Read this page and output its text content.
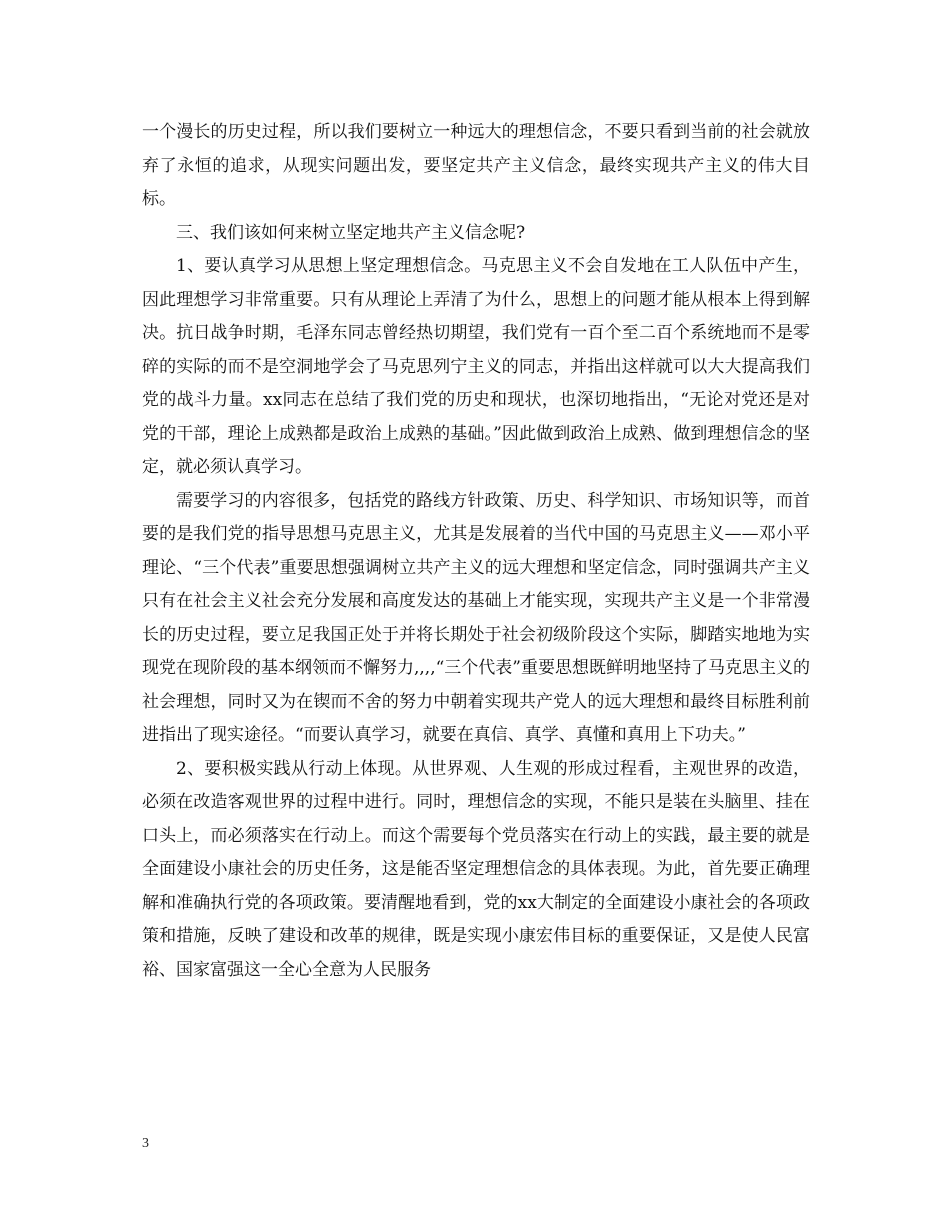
一个漫长的历史过程，所以我们要树立一种远大的理想信念，不要只看到当前的社会就放弃了永恒的追求，从现实问题出发，要坚定共产主义信念，最终实现共产主义的伟大目标。

三、我们该如何来树立坚定地共产主义信念呢?

1、要认真学习从思想上坚定理想信念。马克思主义不会自发地在工人队伍中产生，因此理想学习非常重要。只有从理论上弄清了为什么，思想上的问题才能从根本上得到解决。抗日战争时期，毛泽东同志曾经热切期望，我们党有一百个至二百个系统地而不是零碎的实际的而不是空洞地学会了马克思列宁主义的同志，并指出这样就可以大大提高我们党的战斗力量。xx同志在总结了我们党的历史和现状，也深切地指出，“无论对党还是对党的干部，理论上成熟都是政治上成熟的基础。”因此做到政治上成熟、做到理想信念的坚定，就必须认真学习。

需要学习的内容很多，包括党的路线方针政策、历史、科学知识、市场知识等，而首要的是我们党的指导思想马克思主义，尤其是发展着的当代中国的马克思主义——邓小平理论、“三个代表”重要思想强调树立共产主义的远大理想和坚定信念，同时强调共产主义只有在社会主义社会充分发展和高度发达的基础上才能实现，实现共产主义是一个非常漫长的历史过程，要立足我国正处于并将长期处于社会初级阶段这个实际，脚踏实地地为实现党在现阶段的基本纲领而不懈努力,,,,“三个代表”重要思想既鲜明地坚持了马克思主义的社会理想，同时又为在锲而不舍的努力中朝着实现共产党人的远大理想和最终目标胜利前进指出了现实途径。“而要认真学习，就要在真信、真学、真懂和真用上下功夫。”

2、要积极实践从行动上体现。从世界观、人生观的形成过程看，主观世界的改造，必须在改造客观世界的过程中进行。同时，理想信念的实现，不能只是装在头脑里、挂在口头上，而必须落实在行动上。而这个需要每个党员落实在行动上的实践，最主要的就是全面建设小康社会的历史任务，这是能否坚定理想信念的具体表现。为此，首先要正确理解和准确执行党的各项政策。要清醒地看到，党的xx大制定的全面建设小康社会的各项政策和措施，反映了建设和改革的规律，既是实现小康宏伟目标的重要保证，又是使人民富裕、国家富强这一全心全意为人民服务

3
